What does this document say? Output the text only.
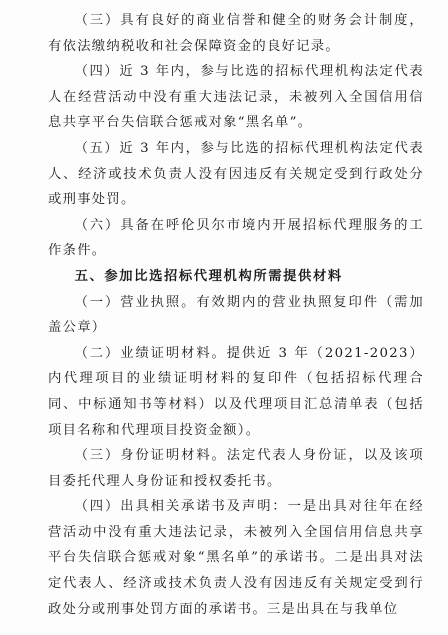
（三）具有良好的商业信誉和健全的财务会计制度，有依法缴纳税收和社会保障资金的良好记录。

（四）近 3 年内，参与比选的招标代理机构法定代表人在经营活动中没有重大违法记录，未被列入全国信用信息共享平台失信联合惩戒对象“黑名单”。

（五）近 3 年内，参与比选的招标代理机构法定代表人、经济或技术负责人没有因违反有关规定受到行政处分或刑事处罚。

（六）具备在呼伦贝尔市境内开展招标代理服务的工作条件。

五、参加比选招标代理机构所需提供材料

（一）营业执照。有效期内的营业执照复印件（需加盖公章）

（二）业绩证明材料。提供近 3 年（2021-2023）内代理项目的业绩证明材料的复印件（包括招标代理合同、中标通知书等材料）以及代理项目汇总清单表（包括项目名称和代理项目投资金额）。

（三）身份证明材料。法定代表人身份证，以及该项目委托代理人身份证和授权委托书。

（四）出具相关承诺书及声明：一是出具对往年在经营活动中没有重大违法记录，未被列入全国信用信息共享平台失信联合惩戒对象“黑名单”的承诺书。二是出具对法定代表人、经济或技术负责人没有因违反有关规定受到行政处分或刑事处罚方面的承诺书。三是出具在与我单位
